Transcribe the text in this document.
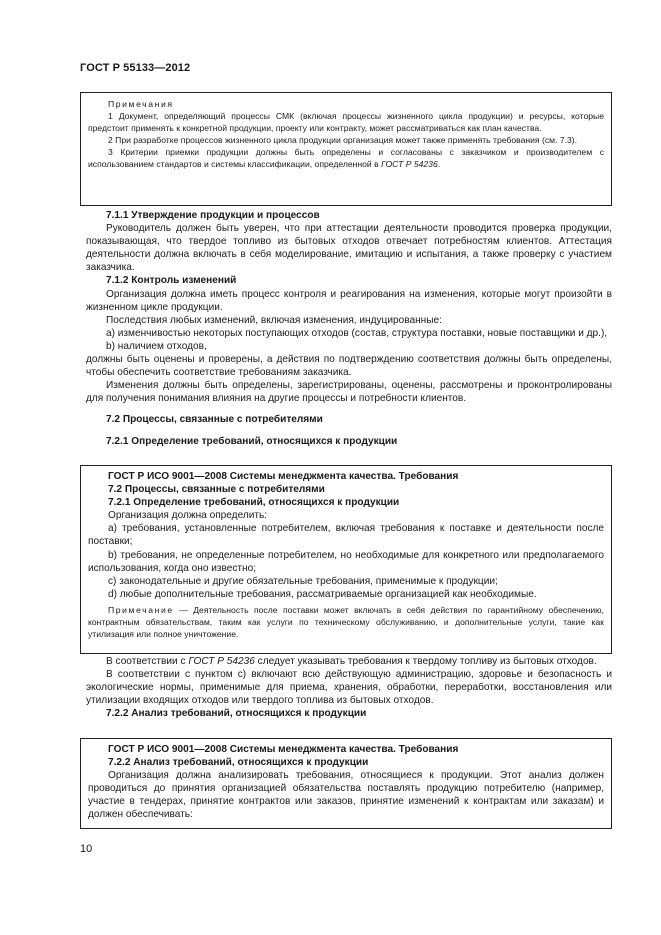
ГОСТ Р 55133—2012

Примечания

1 Документ, определяющий процессы СМК (включая процессы жизненного цикла продукции) и ресурсы, которые предстоит применять к конкретной продукции, проекту или контракту, может рассматриваться как план качества.

2 При разработке процессов жизненного цикла продукции организация может также применять требования (см. 7.3).

3 Критерии приемки продукции должны быть определены и согласованы с заказчиком и производителем с использованием стандартов и системы классификации, определенной в ГОСТ Р 54236.

7.1.1 Утверждение продукции и процессов

Руководитель должен быть уверен, что при аттестации деятельности проводится проверка продукции, показывающая, что твердое топливо из бытовых отходов отвечает потребностям клиентов. Аттестация деятельности должна включать в себя моделирование, имитацию и испытания, а также проверку с участием заказчика.

7.1.2 Контроль изменений

Организация должна иметь процесс контроля и реагирования на изменения, которые могут произойти в жизненном цикле продукции.

Последствия любых изменений, включая изменения, индуцированные:

а) изменчивостью некоторых поступающих отходов (состав, структура поставки, новые поставщики и др.),

b) наличием отходов,

должны быть оценены и проверены, а действия по подтверждению соответствия должны быть определены, чтобы обеспечить соответствие требованиям заказчика.

Изменения должны быть определены, зарегистрированы, оценены, рассмотрены и проконтролированы для получения понимания влияния на другие процессы и потребности клиентов.

7.2 Процессы, связанные с потребителями

7.2.1 Определение требований, относящихся к продукции

ГОСТ Р ИСО 9001—2008 Системы менеджмента качества. Требования

7.2 Процессы, связанные с потребителями

7.2.1 Определение требований, относящихся к продукции

Организация должна определить:

а) требования, установленные потребителем, включая требования к поставке и деятельности после поставки;

b) требования, не определенные потребителем, но необходимые для конкретного или предполагаемого использования, когда оно известно;

с) законодательные и другие обязательные требования, применимые к продукции;

d) любые дополнительные требования, рассматриваемые организацией как необходимые.

Примечание — Деятельность после поставки может включать в себя действия по гарантийному обеспечению, контрактным обязательствам, таким как услуги по техническому обслуживанию, и дополнительные услуги, такие как утилизация или полное уничтожение.

В соответствии с ГОСТ Р 54236 следует указывать требования к твердому топливу из бытовых отходов.

В соответствии с пунктом с) включают всю действующую администрацию, здоровье и безопасность и экологические нормы, применимые для приема, хранения, обработки, переработки, восстановления или утилизации входящих отходов или твердого топлива из бытовых отходов.

7.2.2 Анализ требований, относящихся к продукции

ГОСТ Р ИСО 9001—2008 Системы менеджмента качества. Требования

7.2.2 Анализ требований, относящихся к продукции

Организация должна анализировать требования, относящиеся к продукции. Этот анализ должен проводиться до принятия организацией обязательства поставлять продукцию потребителю (например, участие в тендерах, принятие контрактов или заказов, принятие изменений к контрактам или заказам) и должен обеспечивать:

10
